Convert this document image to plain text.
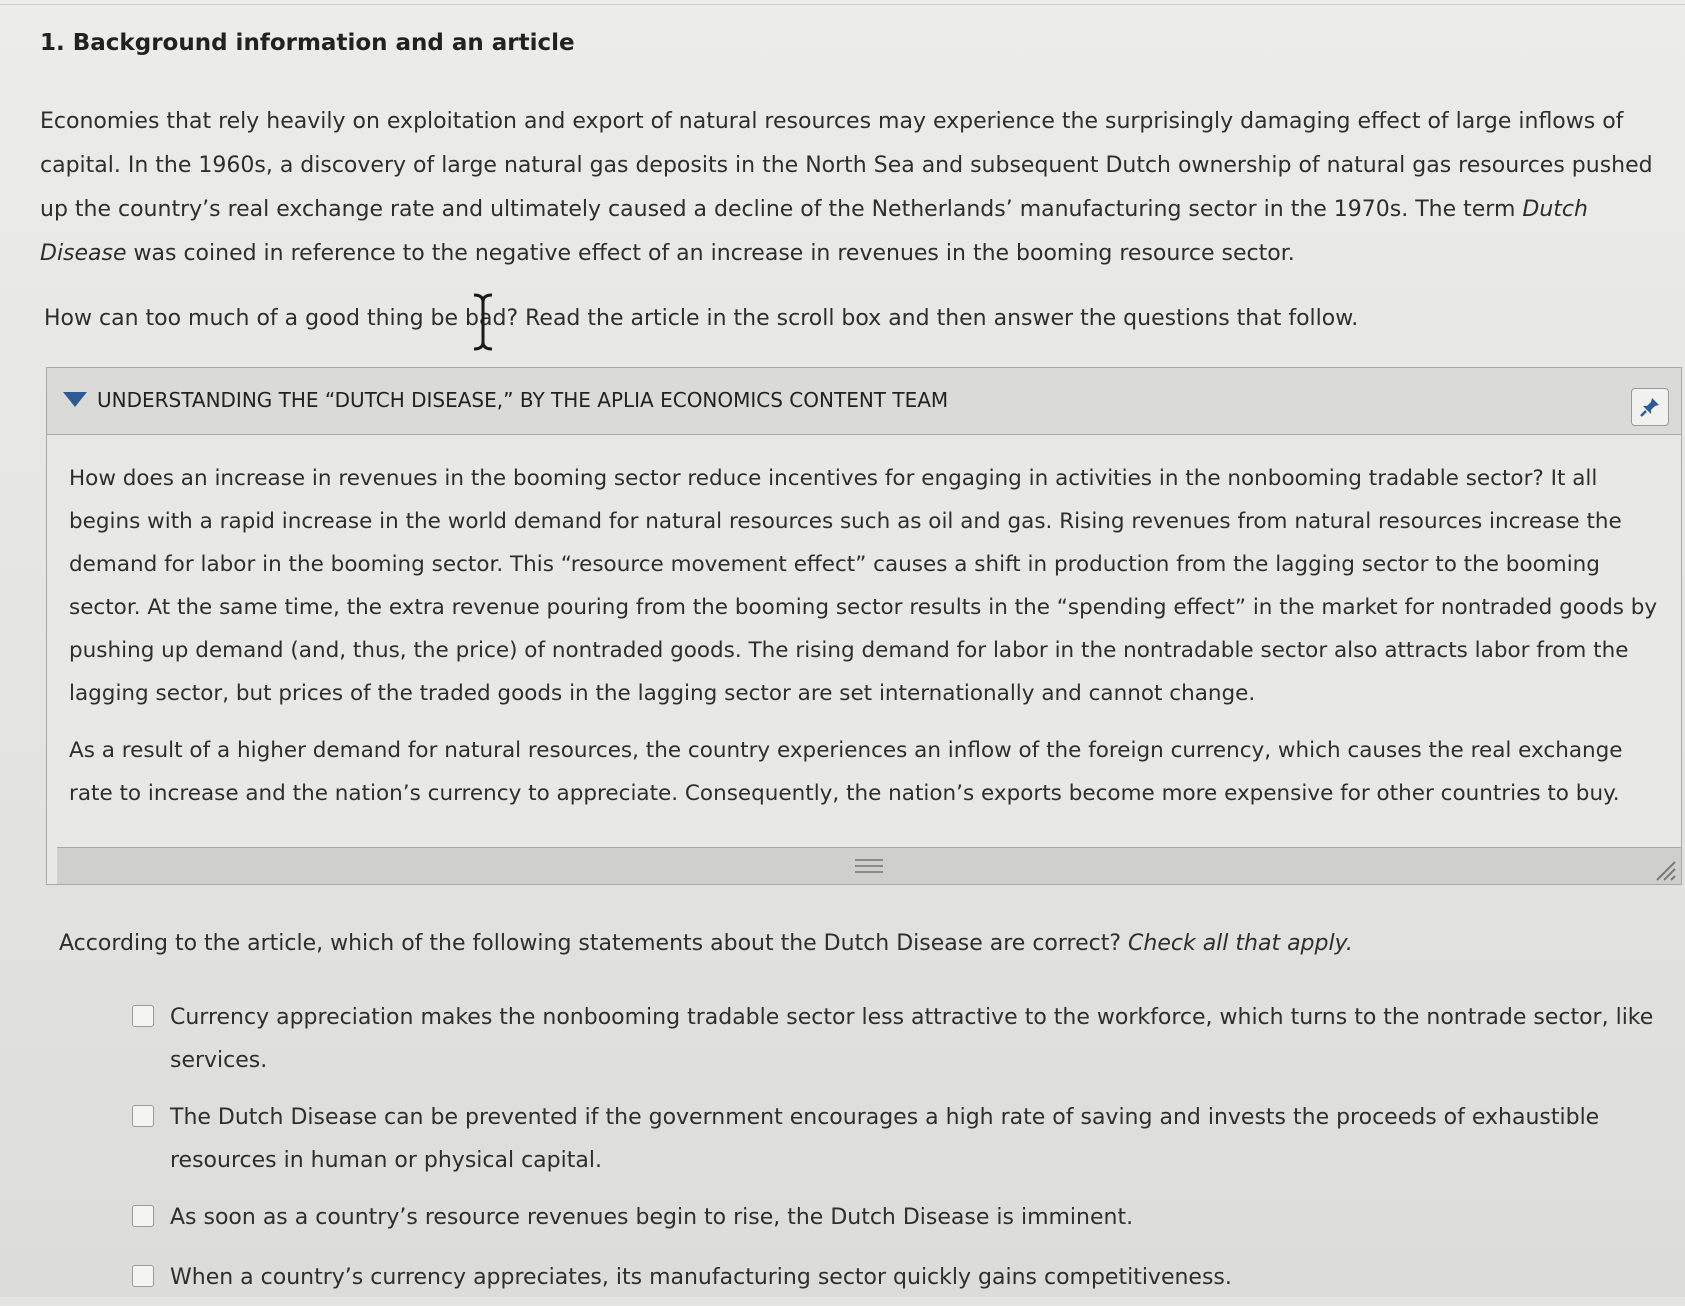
1. Background information and an article

Economies that rely heavily on exploitation and export of natural resources may experience the surprisingly damaging effect of large inflows of capital. In the 1960s, a discovery of large natural gas deposits in the North Sea and subsequent Dutch ownership of natural gas resources pushed up the country’s real exchange rate and ultimately caused a decline of the Netherlands’ manufacturing sector in the 1970s. The term Dutch Disease was coined in reference to the negative effect of an increase in revenues in the booming resource sector.

How can too much of a good thing be bad? Read the article in the scroll box and then answer the questions that follow.
UNDERSTANDING THE “DUTCH DISEASE,” BY THE APLIA ECONOMICS CONTENT TEAM

How does an increase in revenues in the booming sector reduce incentives for engaging in activities in the nonbooming tradable sector? It all begins with a rapid increase in the world demand for natural resources such as oil and gas. Rising revenues from natural resources increase the demand for labor in the booming sector. This “resource movement effect” causes a shift in production from the lagging sector to the booming sector. At the same time, the extra revenue pouring from the booming sector results in the “spending effect” in the market for nontraded goods by pushing up demand (and, thus, the price) of nontraded goods. The rising demand for labor in the nontradable sector also attracts labor from the lagging sector, but prices of the traded goods in the lagging sector are set internationally and cannot change.

As a result of a higher demand for natural resources, the country experiences an inflow of the foreign currency, which causes the real exchange rate to increase and the nation’s currency to appreciate. Consequently, the nation’s exports become more expensive for other countries to buy.

According to the article, which of the following statements about the Dutch Disease are correct? Check all that apply.
Currency appreciation makes the nonbooming tradable sector less attractive to the workforce, which turns to the nontrade sector, like services.
The Dutch Disease can be prevented if the government encourages a high rate of saving and invests the proceeds of exhaustible resources in human or physical capital.
As soon as a country’s resource revenues begin to rise, the Dutch Disease is imminent.
When a country’s currency appreciates, its manufacturing sector quickly gains competitiveness.
